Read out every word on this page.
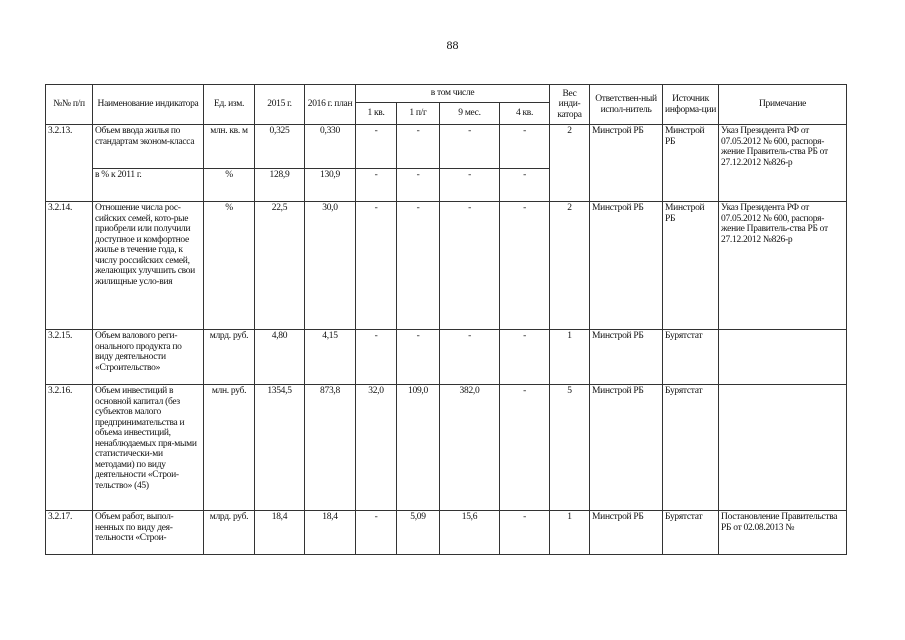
88
№№ п/п	Наименование индикатора	Ед. изм.	2015 г.	2016 г. план	в том числе				Вес инди-катора	Ответствен-ный испол-нитель	Источник информа-ции	Примечание
					1 кв.	1 п/г	9 мес.	4 кв.				
3.2.13.	Объем ввода жилья по стандартам эконом-класса	млн. кв. м	0,325	0,330	-	-	-	-	2	Минстрой РБ	Минстрой РБ	Указ Президента РФ от 07.05.2012 № 600, распоря-жение Правитель-ства РБ от 27.12.2012 №826-р
	в % к 2011 г.	%	128,9	130,9	-	-	-	-				
3.2.14.	Отношение числа рос-сийских семей, кото-рые приобрели или получили доступное и комфортное жилье в течение года, к числу российских семей, желающих улучшить свои жилищные усло-вия	%	22,5	30,0	-	-	-	-	2	Минстрой РБ	Минстрой РБ	Указ Президента РФ от 07.05.2012 № 600, распоря-жение Правитель-ства РБ от 27.12.2012 №826-р
3.2.15.	Объем валового реги-онального продукта по виду деятельности «Строительство»	млрд. руб.	4,80	4,15	-	-	-	-	1	Минстрой РБ	Бурятстат	
3.2.16.	Объем инвестиций в основной капитал (без субъектов малого предпринимательства и объема инвестиций, ненаблюдаемых пря-мыми статистически-ми методами) по виду деятельности «Строи-тельство» (45)	млн. руб.	1354,5	873,8	32,0	109,0	382,0	-	5	Минстрой РБ	Бурятстат	
3.2.17.	Объем работ, выпол-ненных по виду дея-тельности «Строи-	млрд. руб.	18,4	18,4	-	5,09	15,6	-	1	Минстрой РБ	Бурятстат	Постановление Правительства РБ от 02.08.2013 №
